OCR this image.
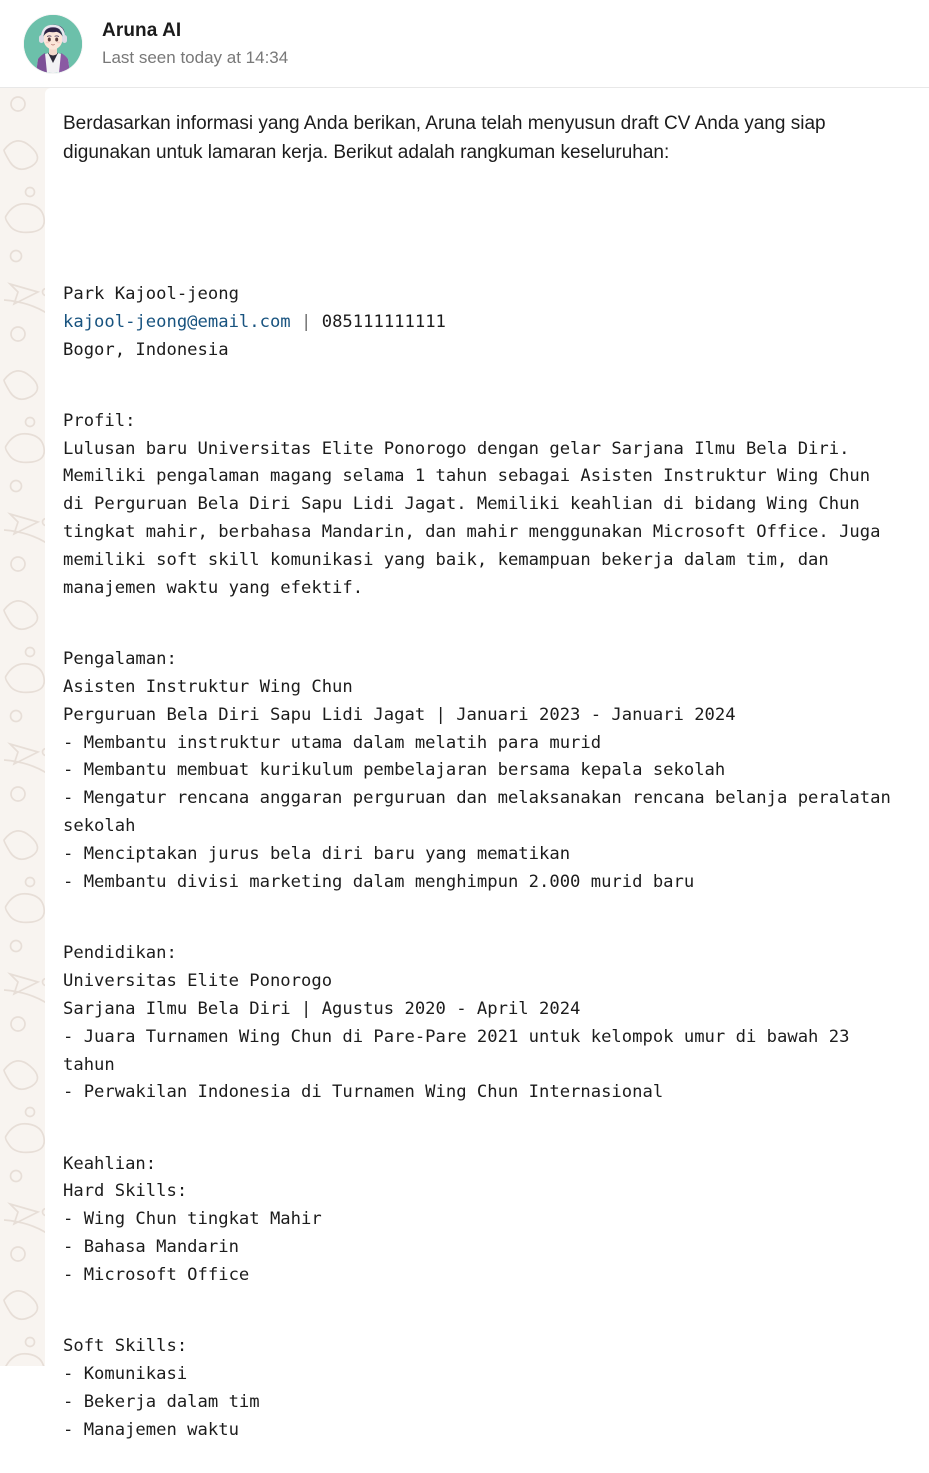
Aruna AI
Last seen today at 14:34

Berdasarkan informasi yang Anda berikan, Aruna telah menyusun draft CV Anda yang siap digunakan untuk lamaran kerja. Berikut adalah rangkuman keseluruhan:

Park Kajool-jeong
kajool-jeong@email.com | 085111111111
Bogor, Indonesia

Profil:
Lulusan baru Universitas Elite Ponorogo dengan gelar Sarjana Ilmu Bela Diri. Memiliki pengalaman magang selama 1 tahun sebagai Asisten Instruktur Wing Chun di Perguruan Bela Diri Sapu Lidi Jagat. Memiliki keahlian di bidang Wing Chun tingkat mahir, berbahasa Mandarin, dan mahir menggunakan Microsoft Office. Juga memiliki soft skill komunikasi yang baik, kemampuan bekerja dalam tim, dan manajemen waktu yang efektif.

Pengalaman:
Asisten Instruktur Wing Chun
Perguruan Bela Diri Sapu Lidi Jagat | Januari 2023 - Januari 2024
- Membantu instruktur utama dalam melatih para murid
- Membantu membuat kurikulum pembelajaran bersama kepala sekolah
- Mengatur rencana anggaran perguruan dan melaksanakan rencana belanja peralatan sekolah
- Menciptakan jurus bela diri baru yang mematikan
- Membantu divisi marketing dalam menghimpun 2.000 murid baru

Pendidikan:
Universitas Elite Ponorogo
Sarjana Ilmu Bela Diri | Agustus 2020 - April 2024
- Juara Turnamen Wing Chun di Pare-Pare 2021 untuk kelompok umur di bawah 23 tahun
- Perwakilan Indonesia di Turnamen Wing Chun Internasional

Keahlian:
Hard Skills:
- Wing Chun tingkat Mahir
- Bahasa Mandarin
- Microsoft Office

Soft Skills:
- Komunikasi
- Bekerja dalam tim
- Manajemen waktu
